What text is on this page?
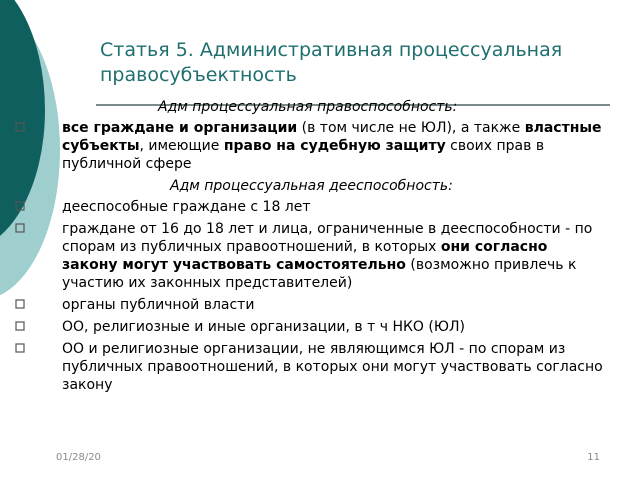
Статья 5. Административная процессуальная правосубъектность
Адм процессуальная правоспособность:
все граждане и организации (в том числе не ЮЛ), а также властные субъекты, имеющие право на судебную защиту своих прав в публичной сфере
Адм процессуальная дееспособность:
дееспособные граждане с 18 лет
граждане от 16 до 18 лет и лица, ограниченные в дееспособности - по спорам из публичных правоотношений, в которых они согласно закону могут участвовать самостоятельно (возможно привлечь к участию их законных представителей)
органы публичной власти
ОО, религиозные и иные организации, в т ч НКО (ЮЛ)
ОО и религиозные организации, не являющимся ЮЛ - по спорам из публичных правоотношений, в которых они могут участвовать согласно закону
01/28/20	11
